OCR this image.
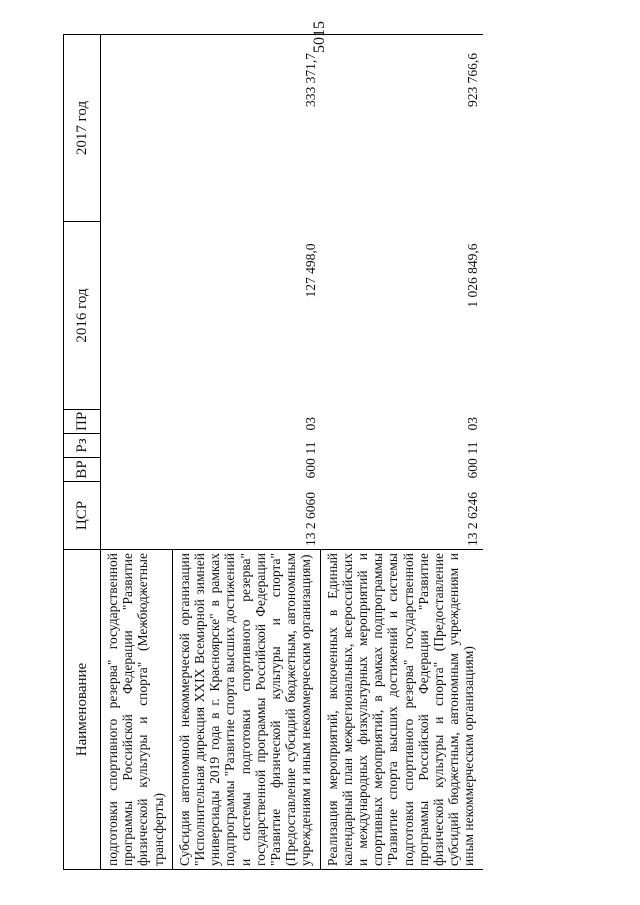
5015
Наименование	ЦСР	ВР	Рз	ПР	2016 год	2017 год

подготовки спортивного резерва" государственной программы Российской Федерации "Развитие физической культуры и спорта" (Межбюджетные трансферты)						

Субсидия автономной некоммерческой организации "Исполнительная дирекция XXIX Всемирной зимней универсиады 2019 года в г. Красноярске" в рамках подпрограммы "Развитие спорта высших достижений и системы подготовки спортивного резерва" государственной программы Российской Федерации "Развитие физической культуры и спорта" (Предоставление субсидий бюджетным, автономным учреждениям и иным некоммерческим организациям)	13 2 6060	600	11	03	127 498,0	333 371,7

Реализация мероприятий, включенных в Единый календарный план межрегиональных, всероссийских и международных физкультурных мероприятий и спортивных мероприятий, в рамках подпрограммы "Развитие спорта высших достижений и системы подготовки спортивного резерва" государственной программы Российской Федерации "Развитие физической культуры и спорта" (Предоставление субсидий бюджетным, автономным учреждениям и иным некоммерческим организациям)	13 2 6246	600	11	03	1 026 849,6	923 766,6
